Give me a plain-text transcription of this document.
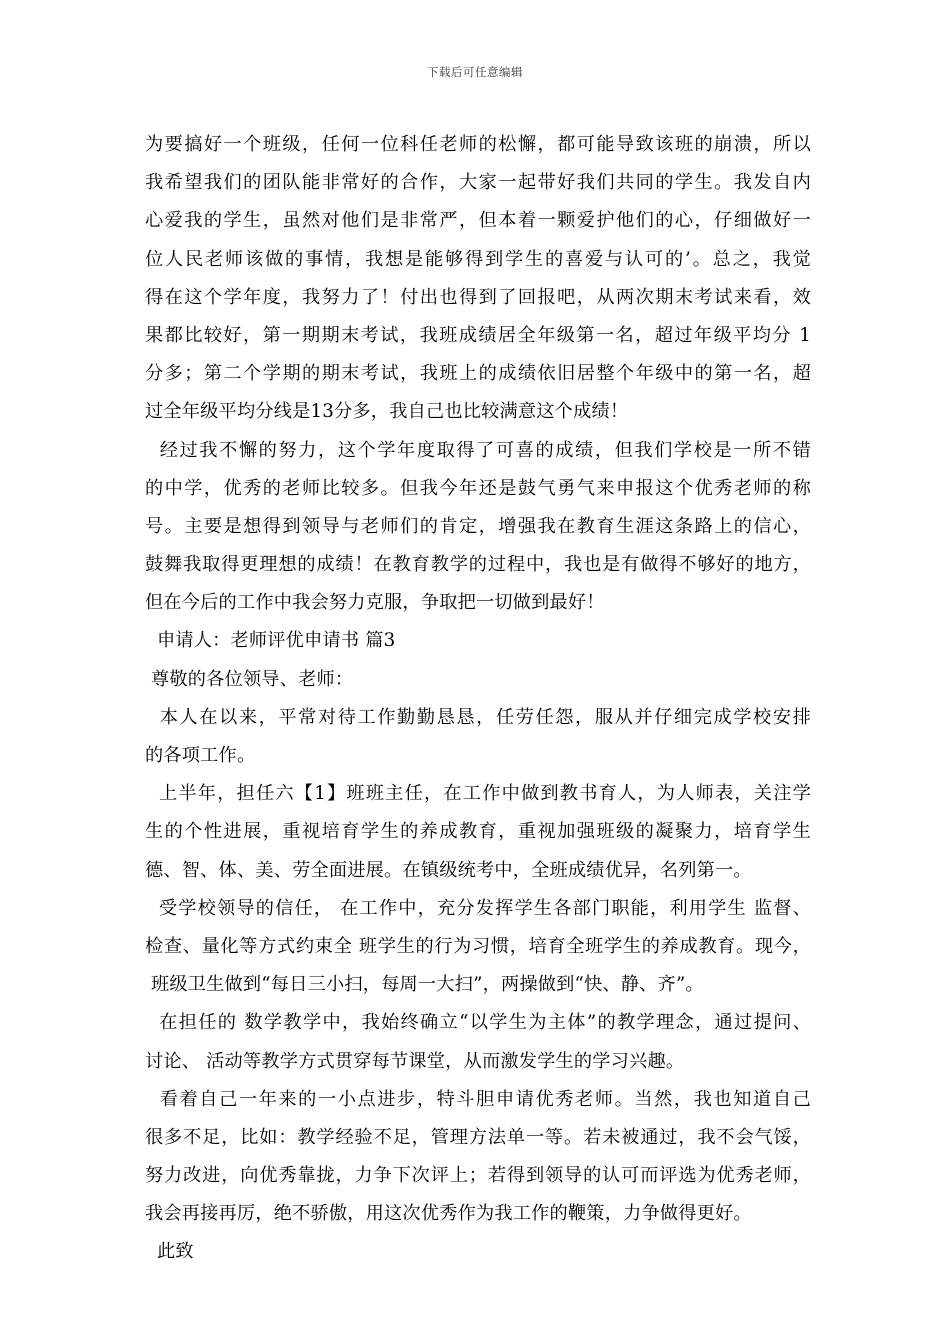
下载后可任意编辑
为要搞好一个班级，任何一位科任老师的松懈，都可能导致该班的崩溃，所以
我希望我们的团队能非常好的合作，大家一起带好我们共同的学生。我发自内
心爱我的学生，虽然对他们是非常严，但本着一颗爱护他们的心，仔细做好一
位人民老师该做的事情，我想是能够得到学生的喜爱与认可的’。总之，我觉
得在这个学年度，我努力了！付出也得到了回报吧，从两次期末考试来看，效
果都比较好，第一期期末考试，我班成绩居全年级第一名，超过年级平均分 1
分多；第二个学期的期末考试，我班上的成绩依旧居整个年级中的第一名，超
过全年级平均分线是13分多，我自己也比较满意这个成绩！
经过我不懈的努力，这个学年度取得了可喜的成绩，但我们学校是一所不错
的中学，优秀的老师比较多。但我今年还是鼓气勇气来申报这个优秀老师的称
号。主要是想得到领导与老师们的肯定，增强我在教育生涯这条路上的信心，
鼓舞我取得更理想的成绩！在教育教学的过程中，我也是有做得不够好的地方，
但在今后的工作中我会努力克服，争取把一切做到最好！
申请人：老师评优申请书 篇3
尊敬的各位领导、老师：
本人在以来，平常对待工作勤勤恳恳，任劳任怨，服从并仔细完成学校安排
的各项工作。
上半年，担任六【1】班班主任，在工作中做到教书育人，为人师表，关注学
生的个性进展，重视培育学生的养成教育，重视加强班级的凝聚力，培育学生
德、智、体、美、劳全面进展。在镇级统考中，全班成绩优异，名列第一。
受学校领导的信任， 在工作中，充分发挥学生各部门职能，利用学生 监督、
检查、量化等方式约束全 班学生的行为习惯，培育全班学生的养成教育。现今，
班级卫生做到“每日三小扫，每周一大扫”，两操做到“快、静、齐”。
在担任的 数学教学中，我始终确立“以学生为主体”的教学理念，通过提问、
讨论、 活动等教学方式贯穿每节课堂，从而激发学生的学习兴趣。
看着自己一年来的一小点进步，特斗胆申请优秀老师。当然，我也知道自己
很多不足，比如：教学经验不足，管理方法单一等。若未被通过，我不会气馁，
努力改进，向优秀靠拢，力争下次评上；若得到领导的认可而评选为优秀老师，
我会再接再厉，绝不骄傲，用这次优秀作为我工作的鞭策，力争做得更好。
此致
